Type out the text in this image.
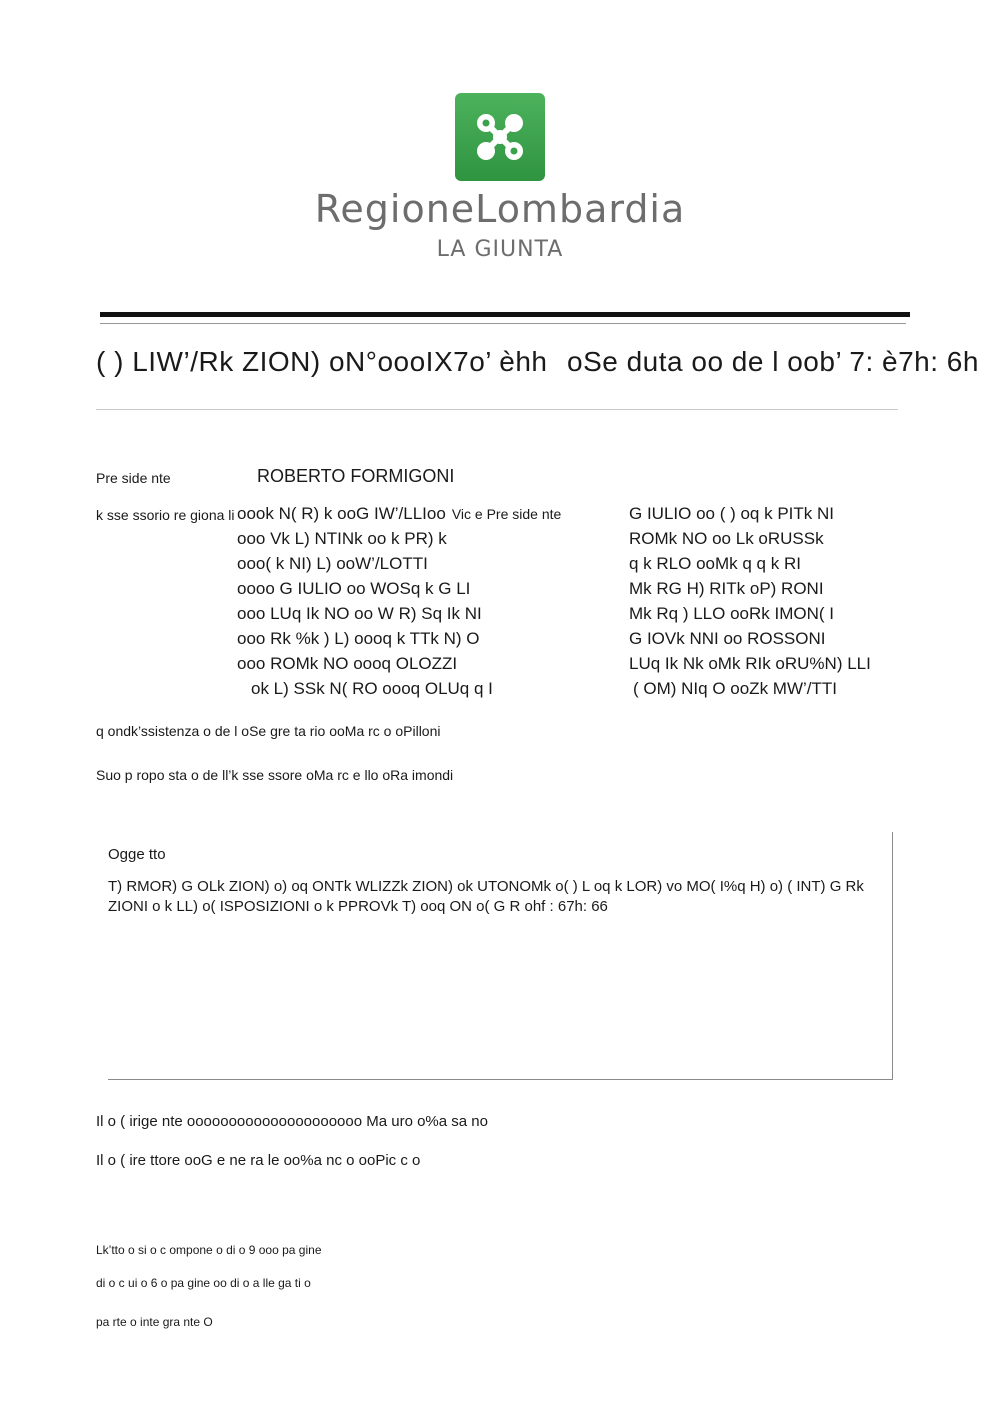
RegioneLombardia
LA GIUNTA
( ) LIW’/Rk ZION) oN°oooIX7o’ èhh oSe duta oo de l oob’ 7: è7h: 6h
Pre side nte	ROBERTO FORMIGONI
k sse ssorio re giona li oook N( R) k ooG IW’/LLIoo Vic e Pre side nte
ooo Vk L) NTINk oo k PR) k
ooo( k NI) L) ooW’/LOTTI
oooo G IULIO oo WOSq k G LI
ooo LUq Ik NO oo W R) Sq Ik NI
ooo Rk %k ) L) oooq k TTk N) O
ooo ROMk NO oooq OLOZZI
ok L) SSk N( RO oooq OLUq q I
G IULIO oo ( ) oq k PITk NI
ROMk NO oo Lk oRUSSk
q k RLO ooMk q q k RI
Mk RG H) RITk oP) RONI
Mk Rq ) LLO ooRk IMON( I
G IOVk NNI oo ROSSONI
LUq Ik Nk oMk RIk oRU%N) LLI
( OM) NIq O ooZk MW’/TTI
q ondk’ssistenza o de l oSe gre ta rio ooMa rc o oPilloni
Suo p ropo sta o de ll’k sse ssore oMa rc e llo oRa imondi
Ogge tto
T) RMOR) G OLk ZION) o) oq ONTk WLIZZk ZION) ok UTONOMk o( ) L oq k LOR) vo MO( I%q H) o) ( INT) G Rk ZIONI o k LL) o( ISPOSIZIONI o k PPROVk T) ooq ON o( G R ohf : 67h: 66
Il o ( irige nte ooooooooooooooooooooo Ma uro o%a sa no
Il o ( ire ttore ooG e ne ra le oo%a nc o ooPic c o
Lk’tto o si o c ompone o di o 9 ooo pa gine
di o c ui o 6 o pa gine oo di o a lle ga ti o
pa rte o inte gra nte O
